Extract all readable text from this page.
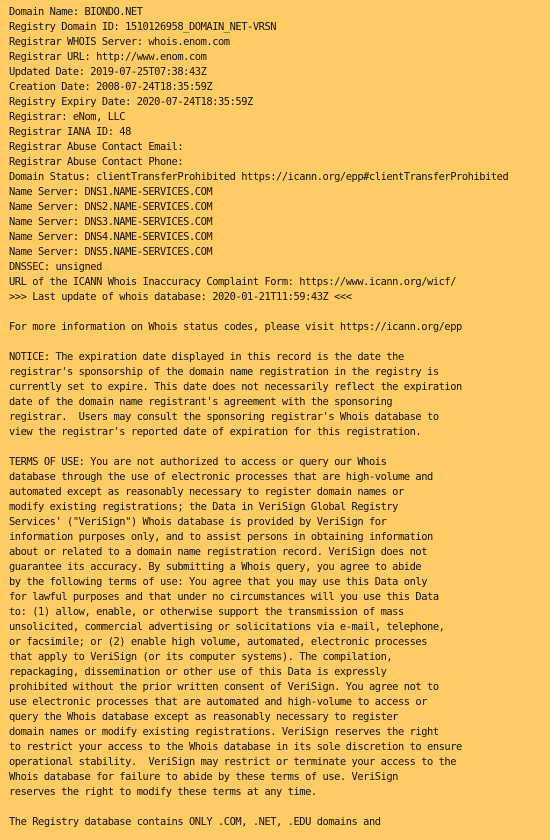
Domain Name: BIONDO.NET
Registry Domain ID: 1510126958_DOMAIN_NET-VRSN
Registrar WHOIS Server: whois.enom.com
Registrar URL: http://www.enom.com
Updated Date: 2019-07-25T07:38:43Z
Creation Date: 2008-07-24T18:35:59Z
Registry Expiry Date: 2020-07-24T18:35:59Z
Registrar: eNom, LLC
Registrar IANA ID: 48
Registrar Abuse Contact Email:
Registrar Abuse Contact Phone:
Domain Status: clientTransferProhibited https://icann.org/epp#clientTransferProhibited
Name Server: DNS1.NAME-SERVICES.COM
Name Server: DNS2.NAME-SERVICES.COM
Name Server: DNS3.NAME-SERVICES.COM
Name Server: DNS4.NAME-SERVICES.COM
Name Server: DNS5.NAME-SERVICES.COM
DNSSEC: unsigned
URL of the ICANN Whois Inaccuracy Complaint Form: https://www.icann.org/wicf/
>>> Last update of whois database: 2020-01-21T11:59:43Z <<<
For more information on Whois status codes, please visit https://icann.org/epp
NOTICE: The expiration date displayed in this record is the date the
registrar's sponsorship of the domain name registration in the registry is
currently set to expire. This date does not necessarily reflect the expiration
date of the domain name registrant's agreement with the sponsoring
registrar.  Users may consult the sponsoring registrar's Whois database to
view the registrar's reported date of expiration for this registration.
TERMS OF USE: You are not authorized to access or query our Whois
database through the use of electronic processes that are high-volume and
automated except as reasonably necessary to register domain names or
modify existing registrations; the Data in VeriSign Global Registry
Services' ("VeriSign") Whois database is provided by VeriSign for
information purposes only, and to assist persons in obtaining information
about or related to a domain name registration record. VeriSign does not
guarantee its accuracy. By submitting a Whois query, you agree to abide
by the following terms of use: You agree that you may use this Data only
for lawful purposes and that under no circumstances will you use this Data
to: (1) allow, enable, or otherwise support the transmission of mass
unsolicited, commercial advertising or solicitations via e-mail, telephone,
or facsimile; or (2) enable high volume, automated, electronic processes
that apply to VeriSign (or its computer systems). The compilation,
repackaging, dissemination or other use of this Data is expressly
prohibited without the prior written consent of VeriSign. You agree not to
use electronic processes that are automated and high-volume to access or
query the Whois database except as reasonably necessary to register
domain names or modify existing registrations. VeriSign reserves the right
to restrict your access to the Whois database in its sole discretion to ensure
operational stability.  VeriSign may restrict or terminate your access to the
Whois database for failure to abide by these terms of use. VeriSign
reserves the right to modify these terms at any time.
The Registry database contains ONLY .COM, .NET, .EDU domains and
